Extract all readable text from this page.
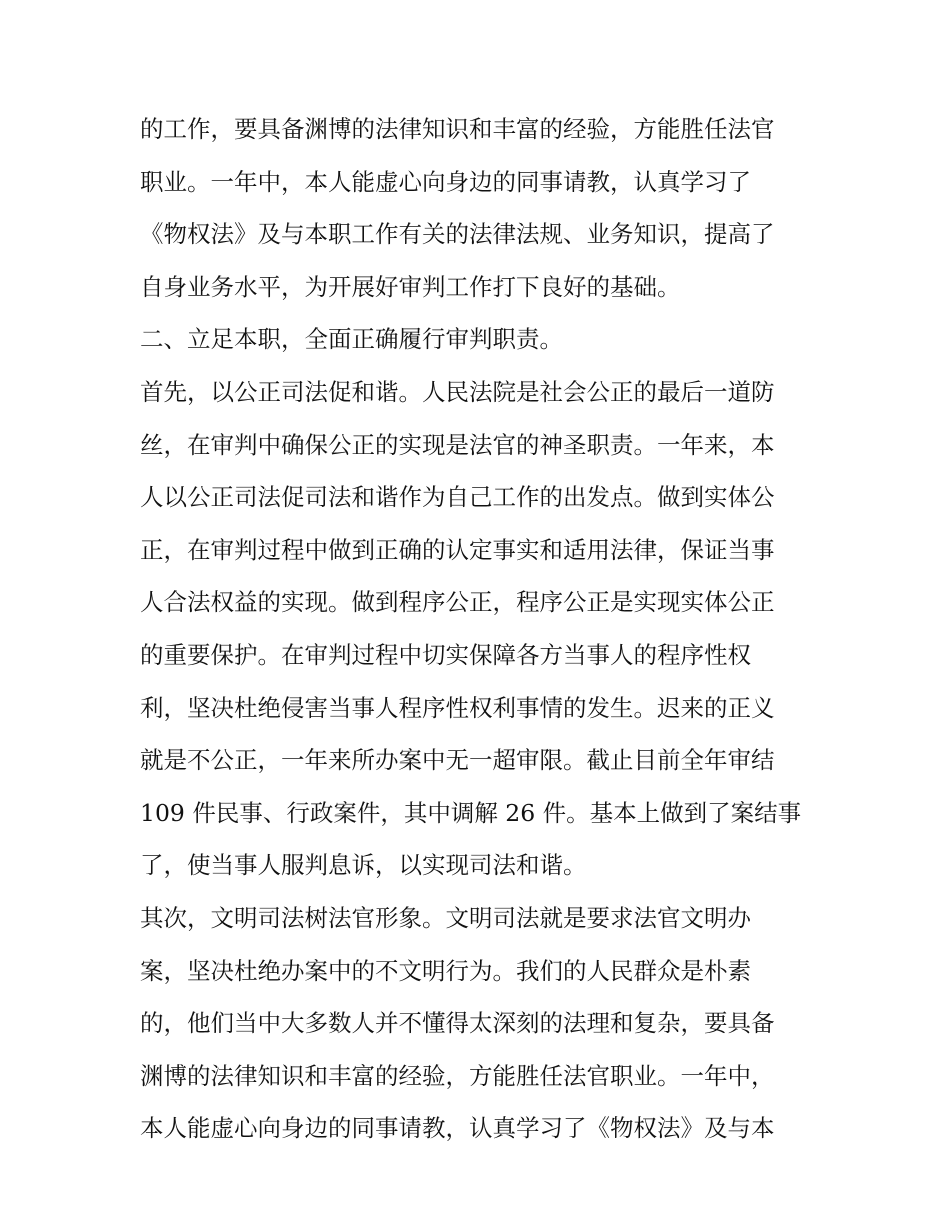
的工作，要具备渊博的法律知识和丰富的经验，方能胜任法官
职业。一年中，本人能虚心向身边的同事请教，认真学习了
《物权法》及与本职工作有关的法律法规、业务知识，提高了
自身业务水平，为开展好审判工作打下良好的基础。
二、立足本职，全面正确履行审判职责。
首先，以公正司法促和谐。人民法院是社会公正的最后一道防
丝，在审判中确保公正的实现是法官的神圣职责。一年来，本
人以公正司法促司法和谐作为自己工作的出发点。做到实体公
正，在审判过程中做到正确的认定事实和适用法律，保证当事
人合法权益的实现。做到程序公正，程序公正是实现实体公正
的重要保护。在审判过程中切实保障各方当事人的程序性权
利，坚决杜绝侵害当事人程序性权利事情的发生。迟来的正义
就是不公正，一年来所办案中无一超审限。截止目前全年审结
109 件民事、行政案件，其中调解 26 件。基本上做到了案结事
了，使当事人服判息诉，以实现司法和谐。
其次，文明司法树法官形象。文明司法就是要求法官文明办
案，坚决杜绝办案中的不文明行为。我们的人民群众是朴素
的，他们当中大多数人并不懂得太深刻的法理和复杂，要具备
渊博的法律知识和丰富的经验，方能胜任法官职业。一年中，
本人能虚心向身边的同事请教，认真学习了《物权法》及与本
